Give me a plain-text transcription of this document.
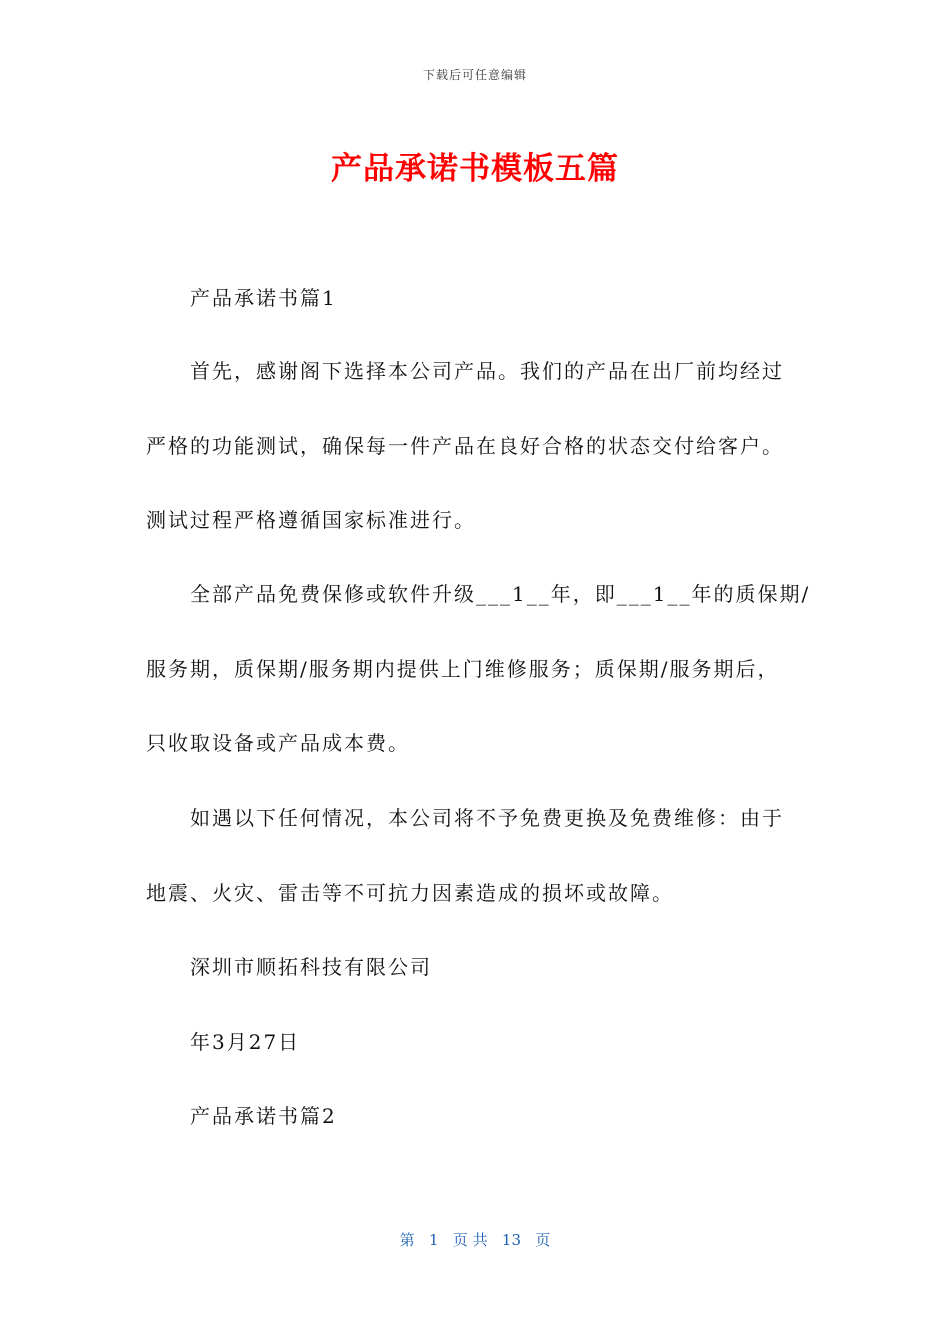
下载后可任意编辑
产品承诺书模板五篇
产品承诺书篇1
首先，感谢阁下选择本公司产品。我们的产品在出厂前均经过
严格的功能测试，确保每一件产品在良好合格的状态交付给客户。
测试过程严格遵循国家标准进行。
全部产品免费保修或软件升级___1__年，即___1__年的质保期/
服务期，质保期/服务期内提供上门维修服务；质保期/服务期后，
只收取设备或产品成本费。
如遇以下任何情况，本公司将不予免费更换及免费维修：由于
地震、火灾、雷击等不可抗力因素造成的损坏或故障。
深圳市顺拓科技有限公司
年3月27日
产品承诺书篇2
第 1 页 共 13 页
